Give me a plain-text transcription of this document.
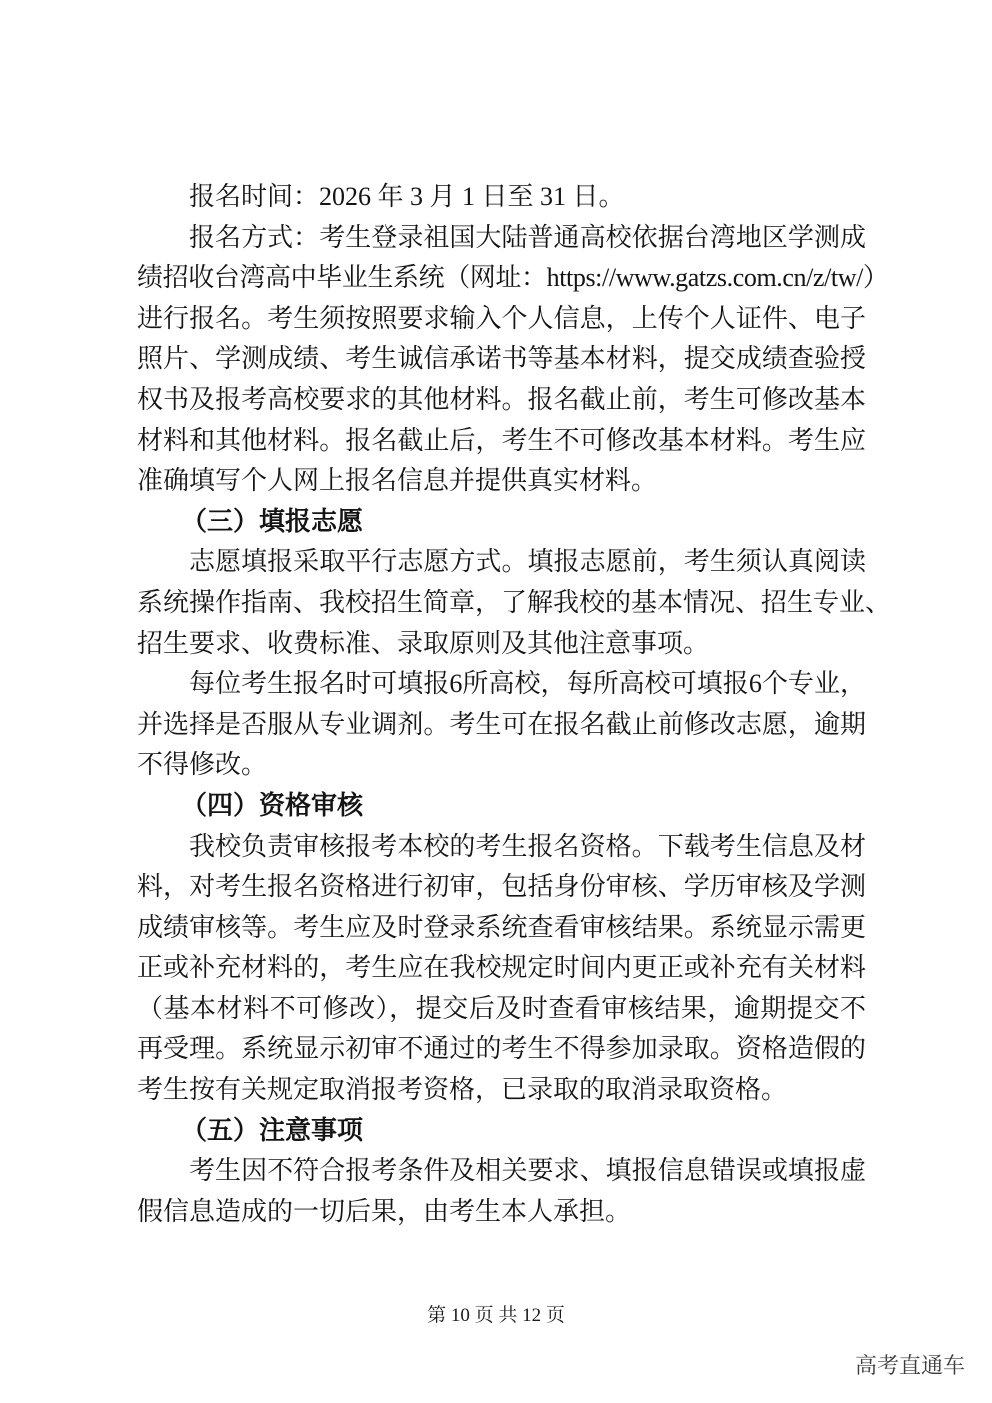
报名时间：2026 年 3 月 1 日至 31 日。
报名方式：考生登录祖国大陆普通高校依据台湾地区学测成
绩招收台湾高中毕业生系统（网址：https://www.gatzs.com.cn/z/tw/）
进行报名。考生须按照要求输入个人信息，上传个人证件、电子
照片、学测成绩、考生诚信承诺书等基本材料，提交成绩查验授
权书及报考高校要求的其他材料。报名截止前，考生可修改基本
材料和其他材料。报名截止后，考生不可修改基本材料。考生应
准确填写个人网上报名信息并提供真实材料。
（三）填报志愿
志愿填报采取平行志愿方式。填报志愿前，考生须认真阅读
系统操作指南、我校招生简章，了解我校的基本情况、招生专业、
招生要求、收费标准、录取原则及其他注意事项。
每位考生报名时可填报6所高校，每所高校可填报6个专业，
并选择是否服从专业调剂。考生可在报名截止前修改志愿，逾期
不得修改。
（四）资格审核
我校负责审核报考本校的考生报名资格。下载考生信息及材
料，对考生报名资格进行初审，包括身份审核、学历审核及学测
成绩审核等。考生应及时登录系统查看审核结果。系统显示需更
正或补充材料的，考生应在我校规定时间内更正或补充有关材料
（基本材料不可修改），提交后及时查看审核结果，逾期提交不
再受理。系统显示初审不通过的考生不得参加录取。资格造假的
考生按有关规定取消报考资格，已录取的取消录取资格。
（五）注意事项
考生因不符合报考条件及相关要求、填报信息错误或填报虚
假信息造成的一切后果，由考生本人承担。
第 10 页 共 12 页
高考直通车
